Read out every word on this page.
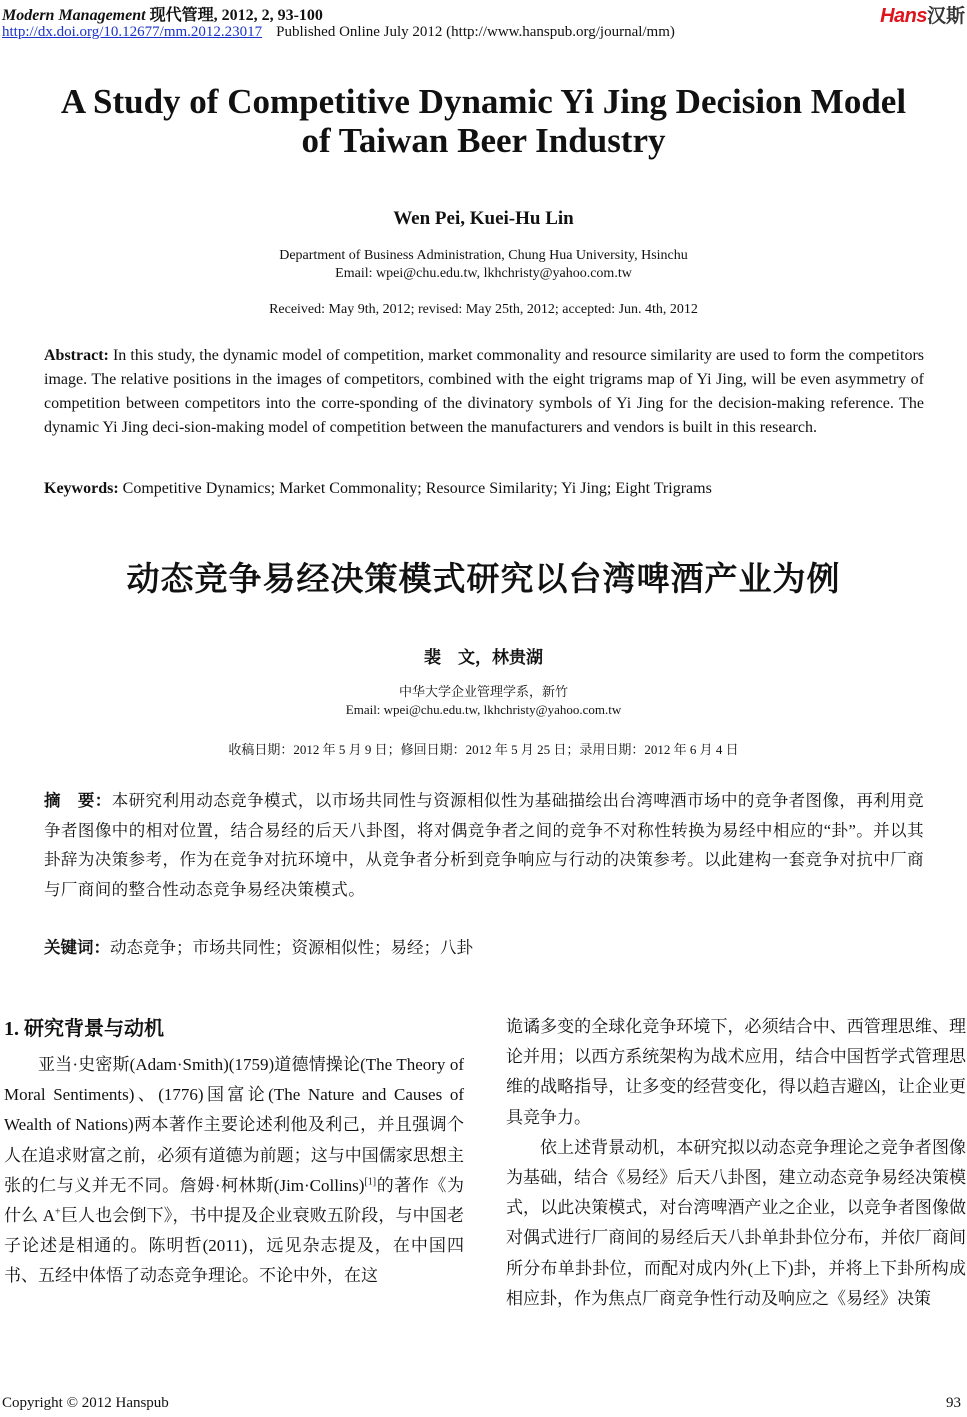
Modern Management 现代管理, 2012, 2, 93-100
http://dx.doi.org/10.12677/mm.2012.23017 Published Online July 2012 (http://www.hanspub.org/journal/mm)
Hans汉斯
A Study of Competitive Dynamic Yi Jing Decision Model
of Taiwan Beer Industry
Wen Pei, Kuei-Hu Lin
Department of Business Administration, Chung Hua University, Hsinchu
Email: wpei@chu.edu.tw, lkhchristy@yahoo.com.tw
Received: May 9th, 2012; revised: May 25th, 2012; accepted: Jun. 4th, 2012
Abstract: In this study, the dynamic model of competition, market commonality and resource similarity are used to form the competitors image. The relative positions in the images of competitors, combined with the eight trigrams map of Yi Jing, will be even asymmetry of competition between competitors into the corre-sponding of the divinatory symbols of Yi Jing for the decision-making reference. The dynamic Yi Jing deci-sion-making model of competition between the manufacturers and vendors is built in this research.
Keywords: Competitive Dynamics; Market Commonality; Resource Similarity; Yi Jing; Eight Trigrams
动态竞争易经决策模式研究以台湾啤酒产业为例
裴　文，林贵湖
中华大学企业管理学系，新竹
Email: wpei@chu.edu.tw, lkhchristy@yahoo.com.tw
收稿日期：2012 年 5 月 9 日；修回日期：2012 年 5 月 25 日；录用日期：2012 年 6 月 4 日
摘　要：本研究利用动态竞争模式，以市场共同性与资源相似性为基础描绘出台湾啤酒市场中的竞争者图像，再利用竞争者图像中的相对位置，结合易经的后天八卦图，将对偶竞争者之间的竞争不对称性转换为易经中相应的“卦”。并以其卦辞为决策参考，作为在竞争对抗环境中，从竞争者分析到竞争响应与行动的决策参考。以此建构一套竞争对抗中厂商与厂商间的整合性动态竞争易经决策模式。
关键词：动态竞争；市场共同性；资源相似性；易经；八卦
1. 研究背景与动机

亚当·史密斯(Adam·Smith)(1759)道德情操论(The Theory of Moral Sentiments)、(1776)国富论(The Nature and Causes of Wealth of Nations)两本著作主要论述利他及利己，并且强调个人在追求财富之前，必须有道德为前题；这与中国儒家思想主张的仁与义并无不同。詹姆·柯林斯(Jim·Collins)[1]的著作《为什么 A+巨人也会倒下》，书中提及企业衰败五阶段，与中国老子论述是相通的。陈明哲(2011)，远见杂志提及，在中国四书、五经中体悟了动态竞争理论。不论中外，在这

诡谲多变的全球化竞争环境下，必须结合中、西管理思维、理论并用；以西方系统架构为战术应用，结合中国哲学式管理思维的战略指导，让多变的经营变化，得以趋吉避凶，让企业更具竞争力。

依上述背景动机，本研究拟以动态竞争理论之竞争者图像为基础，结合《易经》后天八卦图，建立动态竞争易经决策模式，以此决策模式，对台湾啤酒产业之企业，以竞争者图像做对偶式进行厂商间的易经后天八卦单卦卦位分布，并依厂商间所分布单卦卦位，而配对成内外(上下)卦，并将上下卦所构成相应卦，作为焦点厂商竞争性行动及响应之《易经》决策

Copyright © 2012 Hanspub	93
